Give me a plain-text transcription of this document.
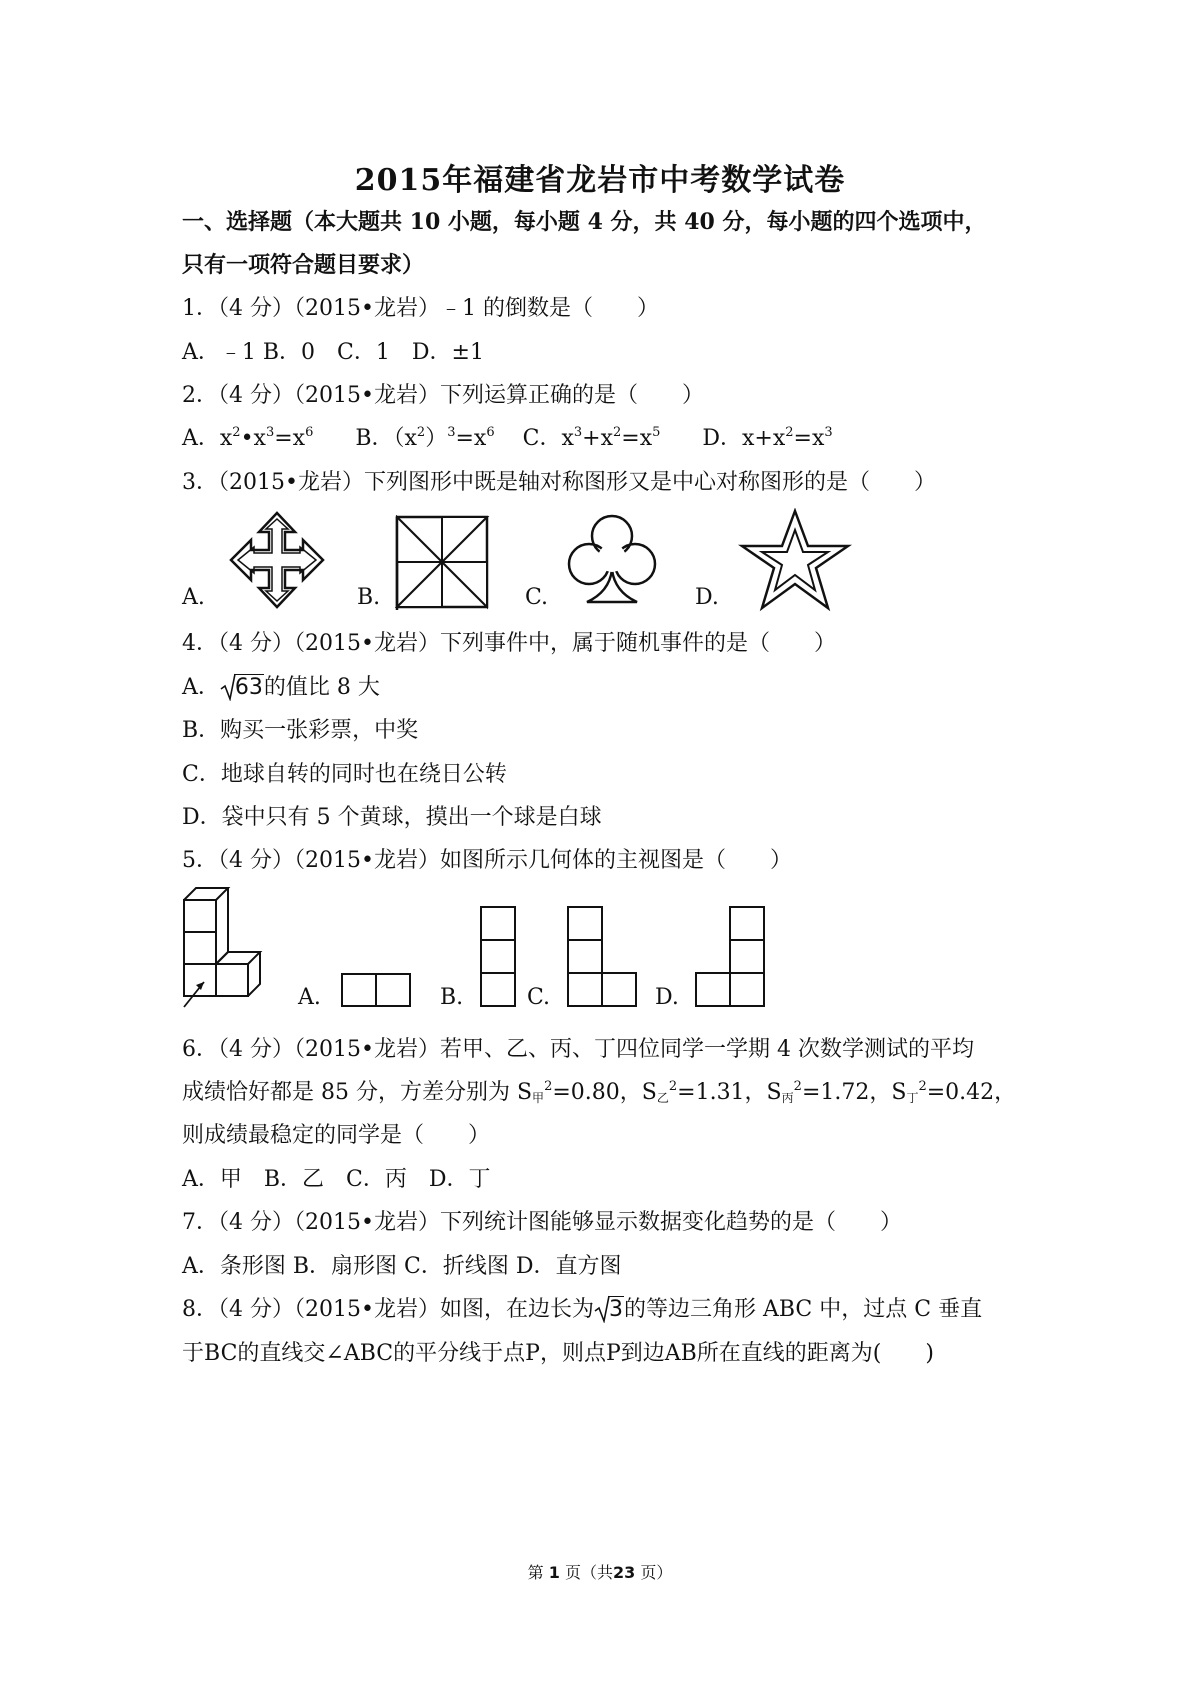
2015年福建省龙岩市中考数学试卷
一、选择题（本大题共 10 小题，每小题 4 分，共 40 分，每小题的四个选项中，
只有一项符合题目要求）
1．（4 分）（2015•龙岩）﹣1 的倒数是（　　）
A．﹣1 B．0　C．1　D．±1
2．（4 分）（2015•龙岩）下列运算正确的是（　　）
A．$x^2•x^3=x^6$ B．$(x^2)^3=x^6$ C．$x^3+x^2=x^5$ D．$x+x^2=x^3$
3．（2015•龙岩）下列图形中既是轴对称图形又是中心对称图形的是（　　）
A.	B.	C.	D.
4．（4 分）（2015•龙岩）下列事件中，属于随机事件的是（　　）
A． 63的值比 8 大
B．购买一张彩票，中奖
C．地球自转的同时也在绕日公转
D．袋中只有 5 个黄球，摸出一个球是白球
5．（4 分）（2015•龙岩）如图所示几何体的主视图是（　　）
A.	B.	C.	D.
6．（4 分）（2015•龙岩）若甲、乙、丙、丁四位同学一学期 4 次数学测试的平均
成绩恰好都是 85 分，方差分别为 $S_甲^2=0.80$，$S_乙^2=1.31$，$S_丙^2=1.72$，$S_丁^2=0.42$，
则成绩最稳定的同学是（　　）
A．甲　B．乙　C．丙　D．丁
7．（4 分）（2015•龙岩）下列统计图能够显示数据变化趋势的是（　　）
A．条形图 B．扇形图 C．折线图 D．直方图
8．（4 分）（2015•龙岩）如图，在边长为 3的等边三角形 ABC 中，过点 C 垂直
于BC的直线交∠ABC的平分线于点P，则点P到边AB所在直线的距离为(　　)
第 1 页（共23 页）
